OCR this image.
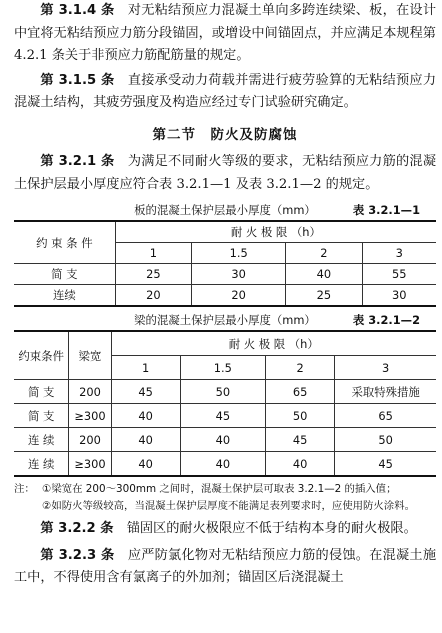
第 3.1.4 条　 对无粘结预应力混凝土单向多跨连续梁、板，在设计中宜将无粘结预应力筋分段锚固，或增设中间锚固点，并应满足本规程第 4.2.1 条关于非预应力筋配筋量的规定。

第 3.1.5 条　 直接承受动力荷载并需进行疲劳验算的无粘结预应力混凝土结构，其疲劳强度及构造应经过专门试验研究确定。

第二节　防火及防腐蚀

第 3.2.1 条　 为满足不同耐火等级的要求，无粘结预应力筋的混凝土保护层最小厚度应符合表 3.2.1—1 及表 3.2.1—2 的规定。

板的混凝土保护层最小厚度（mm）	表 3.2.1—1
约 束 条 件	耐 火 极 限 （h）			
	1	1.5	2	3
简 支	25	30	40	55
连续	20	20	25	30
梁的混凝土保护层最小厚度（mm）	表 3.2.1—2
约束条件	梁宽	耐 火 极 限 （h）			
		1	1.5	2	3
简 支	200	45	50	65	采取特殊措施
简 支	≥300	40	45	50	65
连 续	200	40	40	45	50
连 续	≥300	40	40	40	45
注： ①梁宽在 200～300mm 之间时，混凝土保护层可取表 3.2.1—2 的插入值；
②如防火等级较高，当混凝土保护层厚度不能满足表列要求时，应使用防火涂料。

第 3.2.2 条　 锚固区的耐火极限应不低于结构本身的耐火极限。

第 3.2.3 条　 应严防氯化物对无粘结预应力筋的侵蚀。在混凝土施工中，不得使用含有氯离子的外加剂；锚固区后浇混凝土
